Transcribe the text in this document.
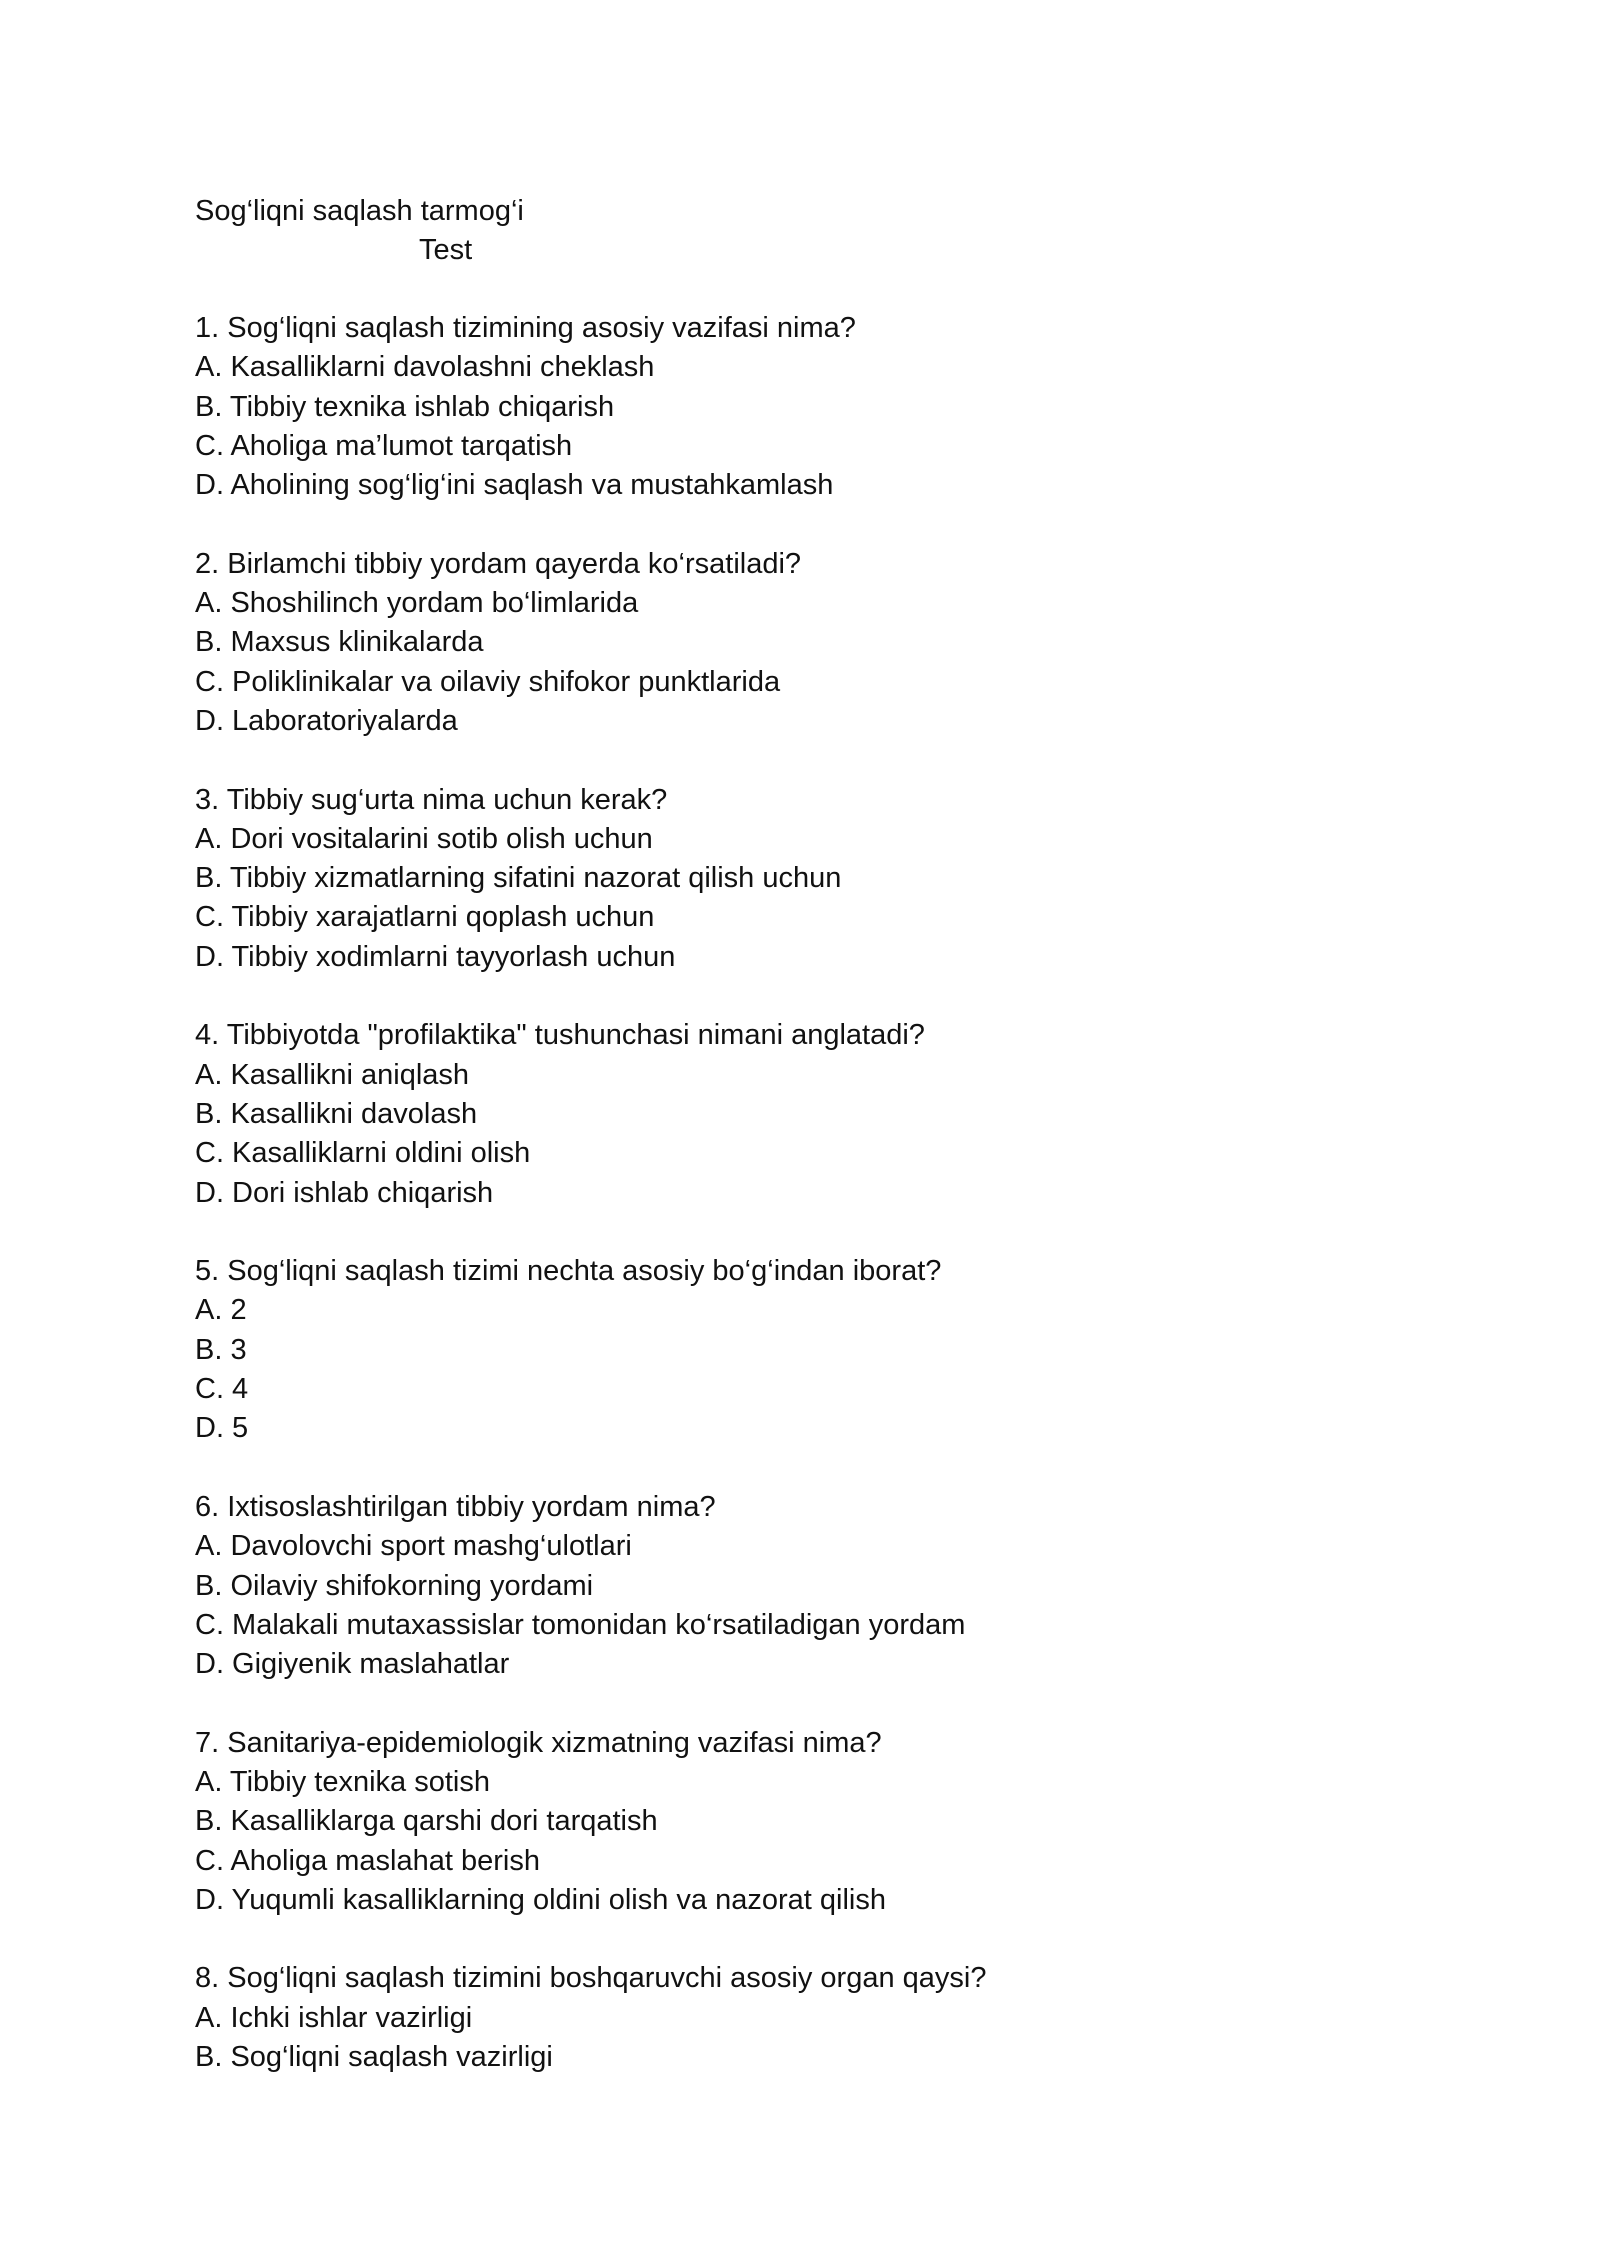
Sog‘liqni saqlash tarmog‘i
Test
1. Sog‘liqni saqlash tizimining asosiy vazifasi nima?
A. Kasalliklarni davolashni cheklash
B. Tibbiy texnika ishlab chiqarish
C. Aholiga ma’lumot tarqatish
D. Aholining sog‘lig‘ini saqlash va mustahkamlash
2. Birlamchi tibbiy yordam qayerda ko‘rsatiladi?
A. Shoshilinch yordam bo‘limlarida
B. Maxsus klinikalarda
C. Poliklinikalar va oilaviy shifokor punktlarida
D. Laboratoriyalarda
3. Tibbiy sug‘urta nima uchun kerak?
A. Dori vositalarini sotib olish uchun
B. Tibbiy xizmatlarning sifatini nazorat qilish uchun
C. Tibbiy xarajatlarni qoplash uchun
D. Tibbiy xodimlarni tayyorlash uchun
4. Tibbiyotda "profilaktika" tushunchasi nimani anglatadi?
A. Kasallikni aniqlash
B. Kasallikni davolash
C. Kasalliklarni oldini olish
D. Dori ishlab chiqarish
5. Sog‘liqni saqlash tizimi nechta asosiy bo‘g‘indan iborat?
A. 2
B. 3
C. 4
D. 5
6. Ixtisoslashtirilgan tibbiy yordam nima?
A. Davolovchi sport mashg‘ulotlari
B. Oilaviy shifokorning yordami
C. Malakali mutaxassislar tomonidan ko‘rsatiladigan yordam
D. Gigiyenik maslahatlar
7. Sanitariya-epidemiologik xizmatning vazifasi nima?
A. Tibbiy texnika sotish
B. Kasalliklarga qarshi dori tarqatish
C. Aholiga maslahat berish
D. Yuqumli kasalliklarning oldini olish va nazorat qilish
8. Sog‘liqni saqlash tizimini boshqaruvchi asosiy organ qaysi?
A. Ichki ishlar vazirligi
B. Sog‘liqni saqlash vazirligi
